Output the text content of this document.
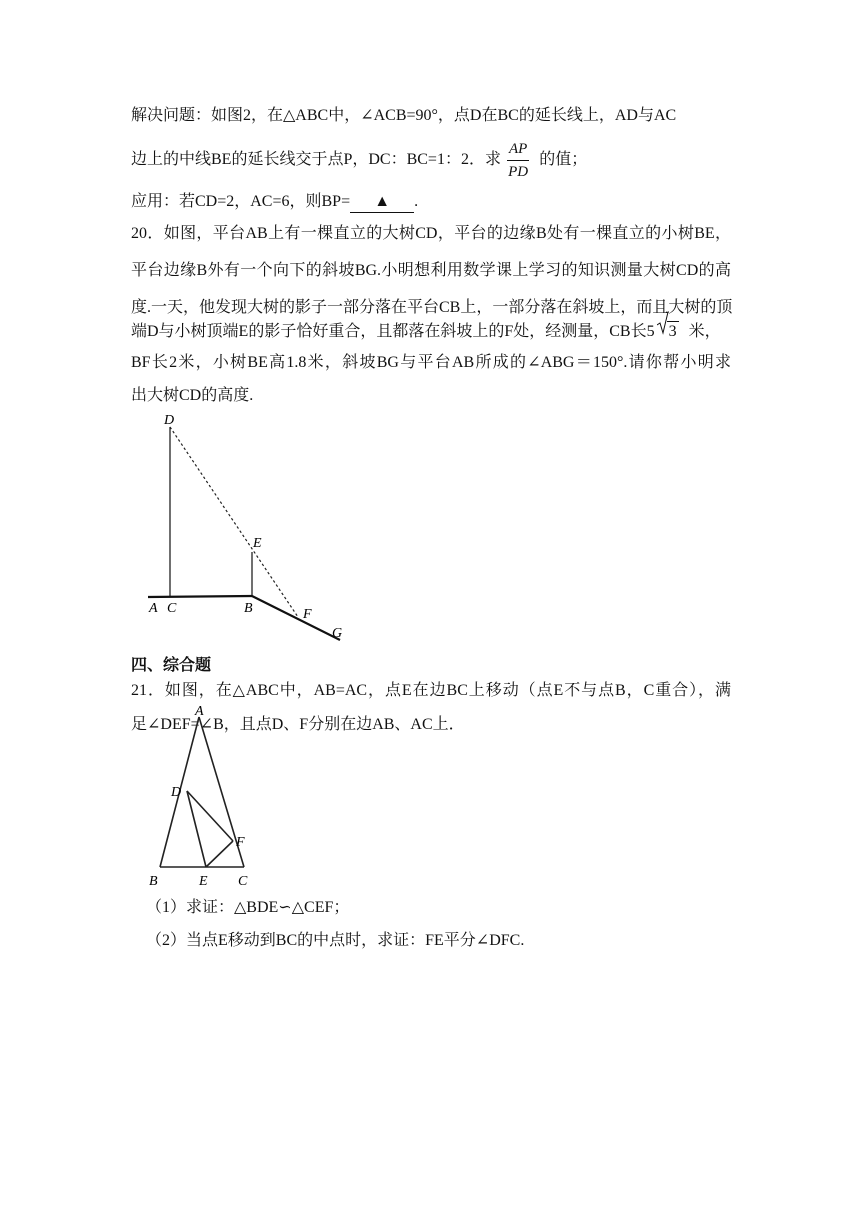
解决问题：如图2，在△ABC中，∠ACB=90°，点D在BC的延长线上，AD与AC
边上的中线BE的延长线交于点P，DC：BC=1：2．求 $\frac{AP}{PD}$ 的值；
应用：若CD=2，AC=6，则BP= ▲ .
20．如图，平台AB上有一棵直立的大树CD，平台的边缘B处有一棵直立的小树BE，
平台边缘B外有一个向下的斜坡BG.小明想利用数学课上学习的知识测量大树CD的高
度.一天，他发现大树的影子一部分落在平台CB上，一部分落在斜坡上，而且大树的顶
端D与小树顶端E的影子恰好重合，且都落在斜坡上的F处，经测量，CB长5 3 米，
BF长2米，小树BE高1.8米，斜坡BG与平台AB所成的∠ABG＝150°.请你帮小明求
出大树CD的高度.
D
E
A C	B	F
G
四、综合题
21．如图，在△ABC中，AB=AC，点E在边BC上移动（点E不与点B，C重合），满
足∠DEF=∠B，且点D、F分别在边AB、AC上．
A
D
F
B	E C
（1）求证：△BDE∽△CEF；
（2）当点E移动到BC的中点时，求证：FE平分∠DFC.
